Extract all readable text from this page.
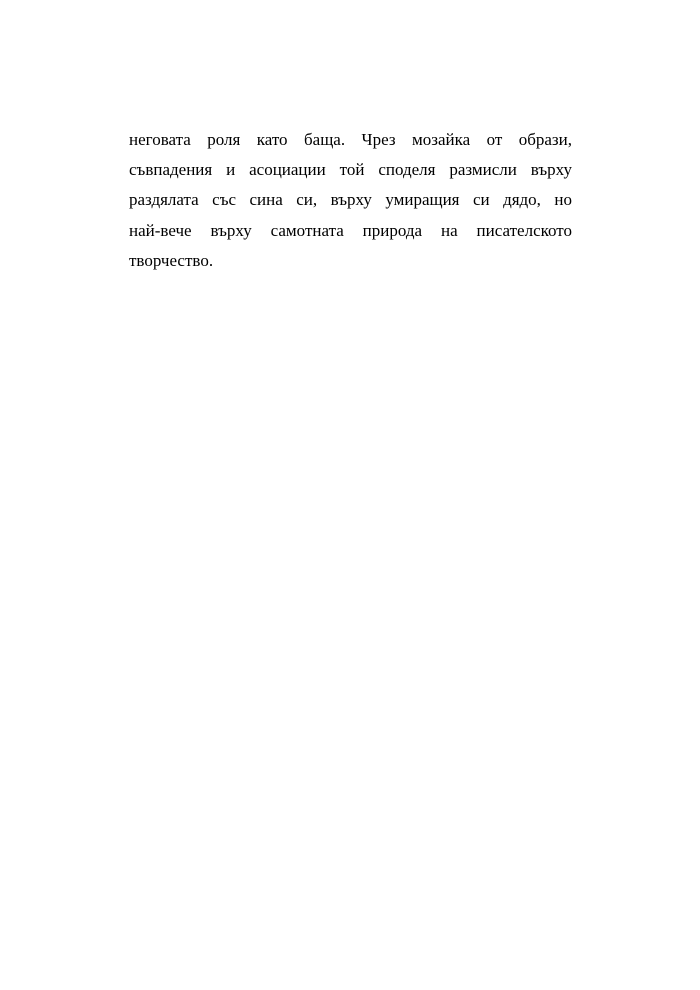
неговата роля като баща. Чрез мозайка от образи,
съвпадения и асоциации той споделя размисли върху
раздялата със сина си, върху умиращия си дядо, но
най-вече върху самотната природа на писателското
творчество.
